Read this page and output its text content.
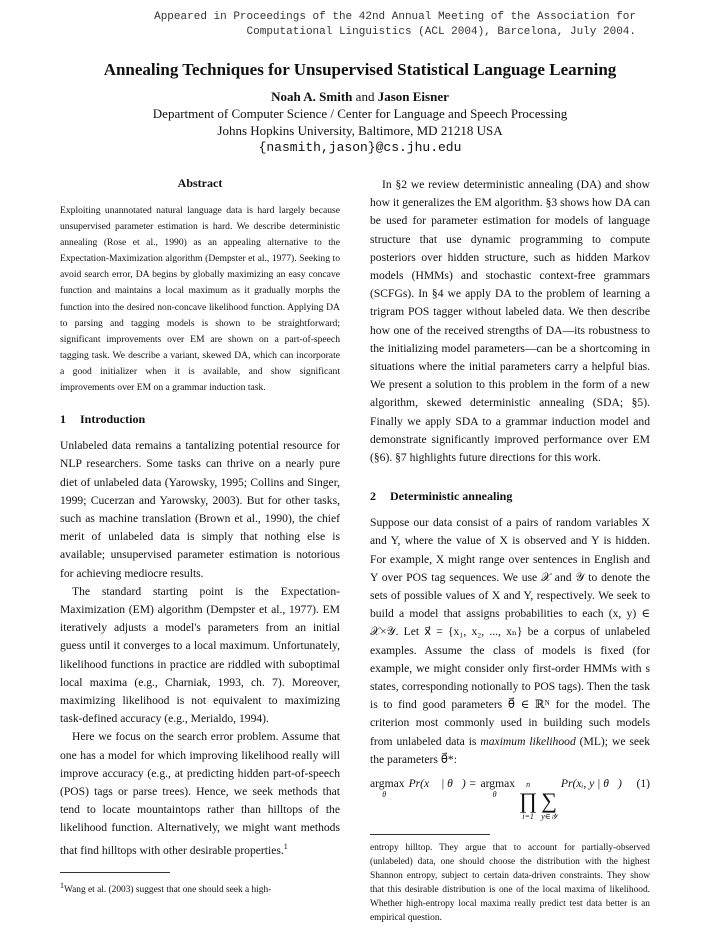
Appeared in Proceedings of the 42nd Annual Meeting of the Association for
Computational Linguistics (ACL 2004), Barcelona, July 2004.
Annealing Techniques for Unsupervised Statistical Language Learning
Noah A. Smith and Jason Eisner
Department of Computer Science / Center for Language and Speech Processing
Johns Hopkins University, Baltimore, MD 21218 USA
{nasmith,jason}@cs.jhu.edu
Abstract

Exploiting unannotated natural language data is hard largely because unsupervised parameter estimation is hard. We describe deterministic annealing (Rose et al., 1990) as an appealing alternative to the Expectation-Maximization algorithm (Dempster et al., 1977). Seeking to avoid search error, DA begins by globally maximizing an easy concave function and maintains a local maximum as it gradually morphs the function into the desired non-concave likelihood function. Applying DA to parsing and tagging models is shown to be straightforward; significant improvements over EM are shown on a part-of-speech tagging task. We describe a variant, skewed DA, which can incorporate a good initializer when it is available, and show significant improvements over EM on a grammar induction task.

1 Introduction

Unlabeled data remains a tantalizing potential resource for NLP researchers. Some tasks can thrive on a nearly pure diet of unlabeled data (Yarowsky, 1995; Collins and Singer, 1999; Cucerzan and Yarowsky, 2003). But for other tasks, such as machine translation (Brown et al., 1990), the chief merit of unlabeled data is simply that nothing else is available; unsupervised parameter estimation is notorious for achieving mediocre results.

The standard starting point is the Expectation-Maximization (EM) algorithm (Dempster et al., 1977). EM iteratively adjusts a model's parameters from an initial guess until it converges to a local maximum. Unfortunately, likelihood functions in practice are riddled with suboptimal local maxima (e.g., Charniak, 1993, ch. 7). Moreover, maximizing likelihood is not equivalent to maximizing task-defined accuracy (e.g., Merialdo, 1994).

Here we focus on the search error problem. Assume that one has a model for which improving likelihood really will improve accuracy (e.g., at predicting hidden part-of-speech (POS) tags or parse trees). Hence, we seek methods that tend to locate mountaintops rather than hilltops of the likelihood function. Alternatively, we might want methods that find hilltops with other desirable properties.$^1$

$^1$Wang et al. (2003) suggest that one should seek a high-

In §2 we review deterministic annealing (DA) and show how it generalizes the EM algorithm. §3 shows how DA can be used for parameter estimation for models of language structure that use dynamic programming to compute posteriors over hidden structure, such as hidden Markov models (HMMs) and stochastic context-free grammars (SCFGs). In §4 we apply DA to the problem of learning a trigram POS tagger without labeled data. We then describe how one of the received strengths of DA—its robustness to the initializing model parameters—can be a shortcoming in situations where the initial parameters carry a helpful bias. We present a solution to this problem in the form of a new algorithm, skewed deterministic annealing (SDA; §5). Finally we apply SDA to a grammar induction model and demonstrate significantly improved performance over EM (§6). §7 highlights future directions for this work.

2 Deterministic annealing

Suppose our data consist of a pairs of random variables X and Y, where the value of X is observed and Y is hidden. For example, X might range over sentences in English and Y over POS tag sequences. We use 𝒳 and 𝒴 to denote the sets of possible values of X and Y, respectively. We seek to build a model that assigns probabilities to each (x, y) ∈ 𝒳×𝒴. Let x⃗ = {x₁, x₂, ..., xₙ} be a corpus of unlabeled examples. Assume the class of models is fixed (for example, we might consider only first-order HMMs with s states, corresponding notionally to POS tags). Then the task is to find good parameters θ⃗ ∈ ℝᴺ for the model. The criterion most commonly used in building such models from unlabeled data is maximum likelihood (ML); we seek the parameters θ⃗*:

argmax
θ⃗
Pr(x⃗ | θ⃗) = argmax
θ⃗
n
∏
i=1

∑
y∈𝒴
Pr(xᵢ, y | θ⃗) (1)

entropy hilltop. They argue that to account for partially-observed (unlabeled) data, one should choose the distribution with the highest Shannon entropy, subject to certain data-driven constraints. They show that this desirable distribution is one of the local maxima of likelihood. Whether high-entropy local maxima really predict test data better is an empirical question.
